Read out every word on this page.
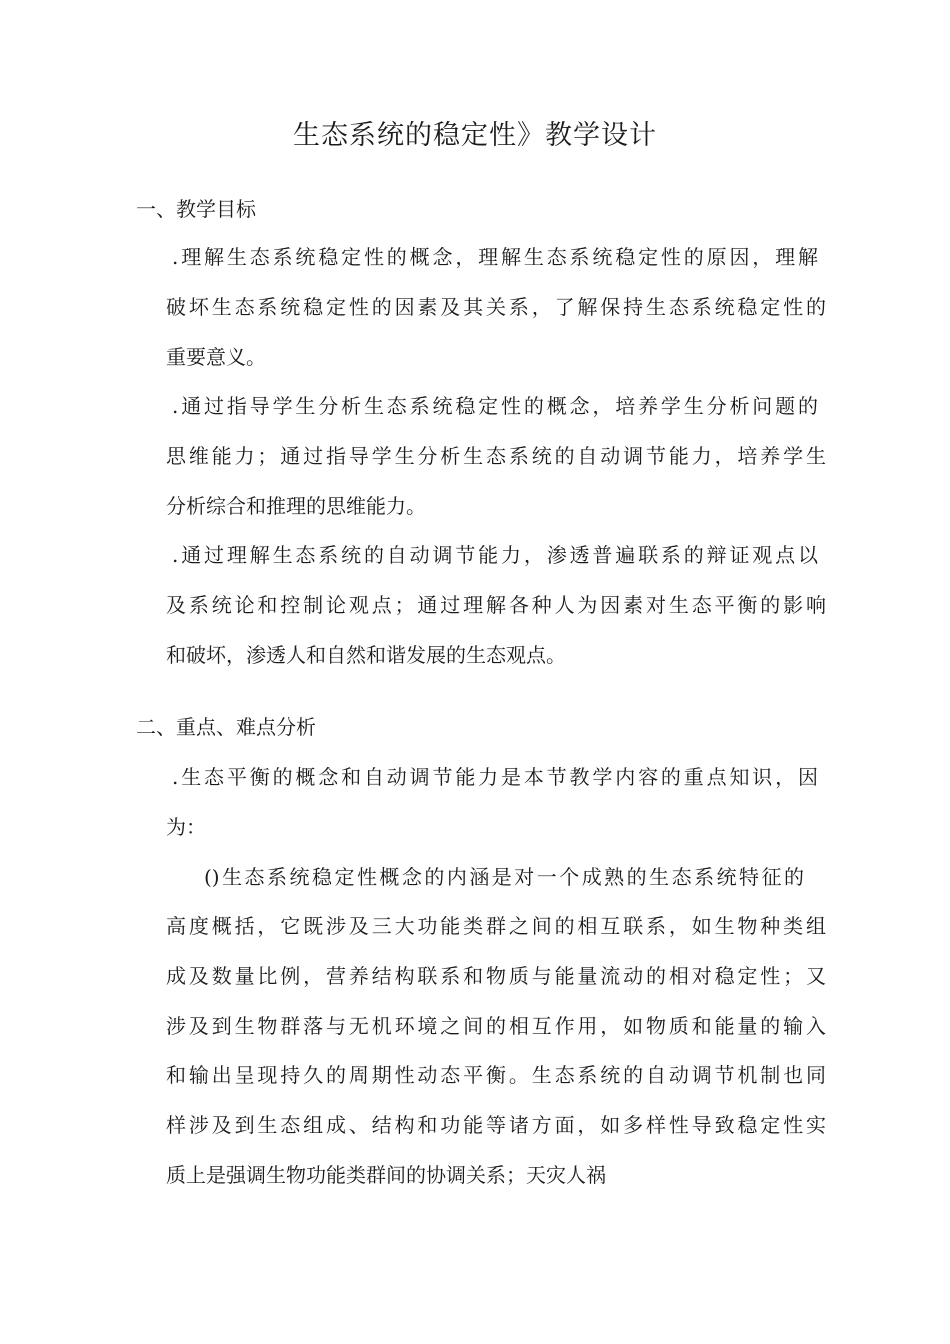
生态系统的稳定性》教学设计
一、教学目标
.理解生态系统稳定性的概念，理解生态系统稳定性的原因，理解
破坏生态系统稳定性的因素及其关系，了解保持生态系统稳定性的
重要意义。
.通过指导学生分析生态系统稳定性的概念，培养学生分析问题的
思维能力；通过指导学生分析生态系统的自动调节能力，培养学生
分析综合和推理的思维能力。
.通过理解生态系统的自动调节能力，渗透普遍联系的辩证观点以
及系统论和控制论观点；通过理解各种人为因素对生态平衡的影响
和破坏，渗透人和自然和谐发展的生态观点。
二、重点、难点分析
.生态平衡的概念和自动调节能力是本节教学内容的重点知识，因
为：
()生态系统稳定性概念的内涵是对一个成熟的生态系统特征的
高度概括，它既涉及三大功能类群之间的相互联系，如生物种类组
成及数量比例，营养结构联系和物质与能量流动的相对稳定性；又
涉及到生物群落与无机环境之间的相互作用，如物质和能量的输入
和输出呈现持久的周期性动态平衡。生态系统的自动调节机制也同
样涉及到生态组成、结构和功能等诸方面，如多样性导致稳定性实
质上是强调生物功能类群间的协调关系；天灾人祸
